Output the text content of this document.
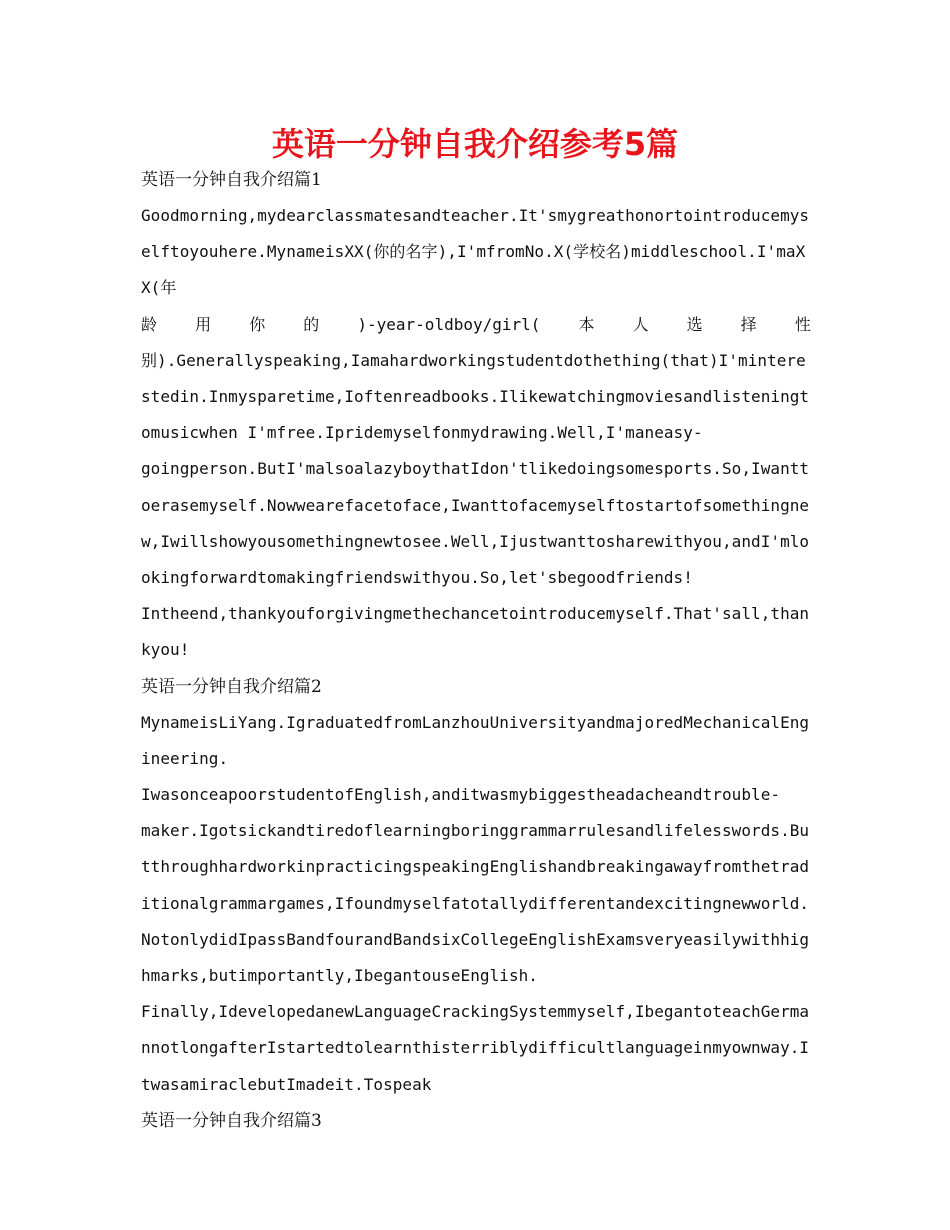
英语一分钟自我介绍参考5篇

英语一分钟自我介绍篇1

Goodmorning,mydearclassmatesandteacher.It'smygreathonortointroducemyselftoyouhere.MynameisXX(你的名字),I'mfromNo.X(学校名)middleschool.I'maXX(年

龄 用 你 的 )-year-oldboy/girl( 本 人 选 择 性

别).Generallyspeaking,Iamahardworkingstudentdothething(that)I'minterestedin.Inmysparetime,Ioftenreadbooks.Ilikewatchingmoviesandlisteningtomusicwhen I'mfree.Ipridemyselfonmydrawing.Well,I'maneasy-

goingperson.ButI'malsoalazyboythatIdon'tlikedoingsomesports.So,Iwanttoerasemyself.Nowwearefacetoface,Iwanttofacemyselftostartofsomethingnew,Iwillshowyousomethingnewtosee.Well,Ijustwanttosharewithyou,andI'mlookingforwardtomakingfriendswithyou.So,let'sbegoodfriends!

Intheend,thankyouforgivingmethechancetointroducemyself.That'sall,thankyou!

英语一分钟自我介绍篇2

MynameisLiYang.IgraduatedfromLanzhouUniversityandmajoredMechanicalEngineering.

IwasonceapoorstudentofEnglish,anditwasmybiggestheadacheandtrouble-

maker.Igotsickandtiredoflearningboringgrammarrulesandlifelesswords.ButthroughhardworkinpracticingspeakingEnglishandbreakingawayfromthetraditionalgrammargames,Ifoundmyselfatotallydifferentandexcitingnewworld.NotonlydidIpassBandfourandBandsixCollegeEnglishExamsveryeasilywithhighmarks,butimportantly,IbegantouseEnglish.

Finally,IdevelopedanewLanguageCrackingSystemmyself,IbegantoteachGermannotlongafterIstartedtolearnthisterriblydifficultlanguageinmyownway.ItwasamiraclebutImadeit.Tospeak

英语一分钟自我介绍篇3
